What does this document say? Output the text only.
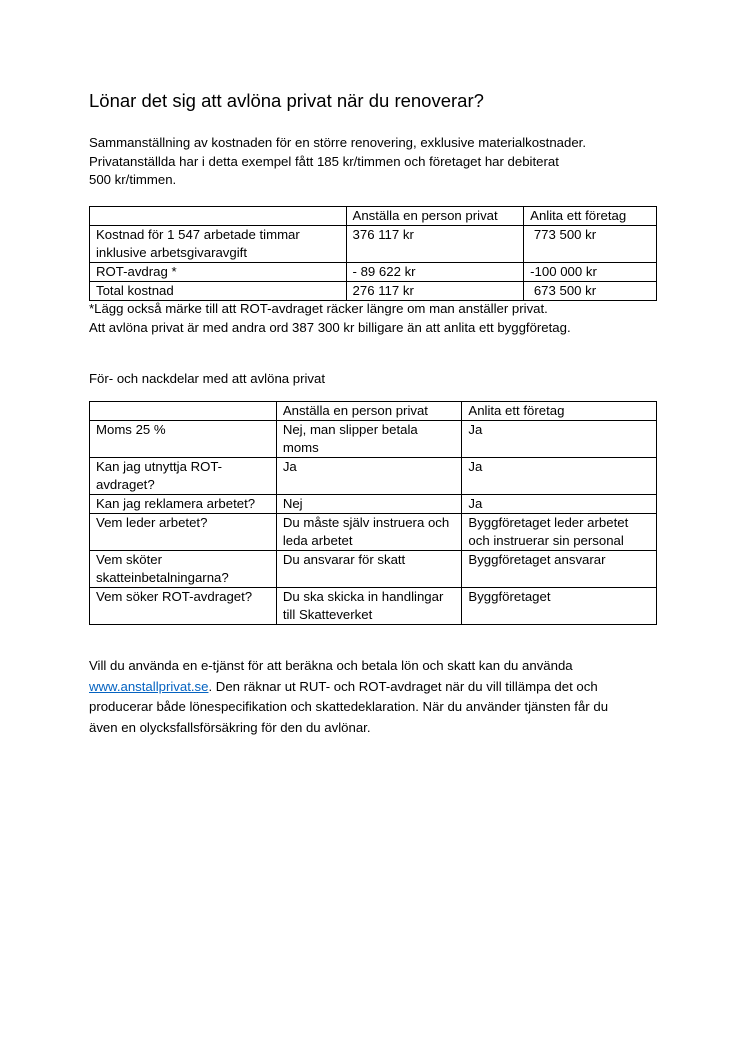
Lönar det sig att avlöna privat när du renoverar?
Sammanställning av kostnaden för en större renovering, exklusive materialkostnader.
Privatanställda har i detta exempel fått 185 kr/timmen och företaget har debiterat
500 kr/timmen.
	Anställa en person privat	Anlita ett företag
Kostnad för 1 547 arbetade timmar inklusive arbetsgivaravgift	376 117 kr	773 500 kr
ROT-avdrag *	- 89 622 kr	-100 000 kr
Total kostnad	276 117 kr	673 500 kr
*Lägg också märke till att ROT-avdraget räcker längre om man anställer privat.
Att avlöna privat är med andra ord 387 300 kr billigare än att anlita ett byggföretag.
För- och nackdelar med att avlöna privat
	Anställa en person privat	Anlita ett företag
Moms 25 %	Nej, man slipper betala moms	Ja
Kan jag utnyttja ROT-avdraget?	Ja	Ja
Kan jag reklamera arbetet?	Nej	Ja
Vem leder arbetet?	Du måste själv instruera och leda arbetet	Byggföretaget leder arbetet och instruerar sin personal
Vem sköter skatteinbetalningarna?	Du ansvarar för skatt	Byggföretaget ansvarar
Vem söker ROT-avdraget?	Du ska skicka in handlingar till Skatteverket	Byggföretaget
Vill du använda en e-tjänst för att beräkna och betala lön och skatt kan du använda
www.anstallprivat.se. Den räknar ut RUT- och ROT-avdraget när du vill tillämpa det och
producerar både lönespecifikation och skattedeklaration. När du använder tjänsten får du
även en olycksfallsförsäkring för den du avlönar.
